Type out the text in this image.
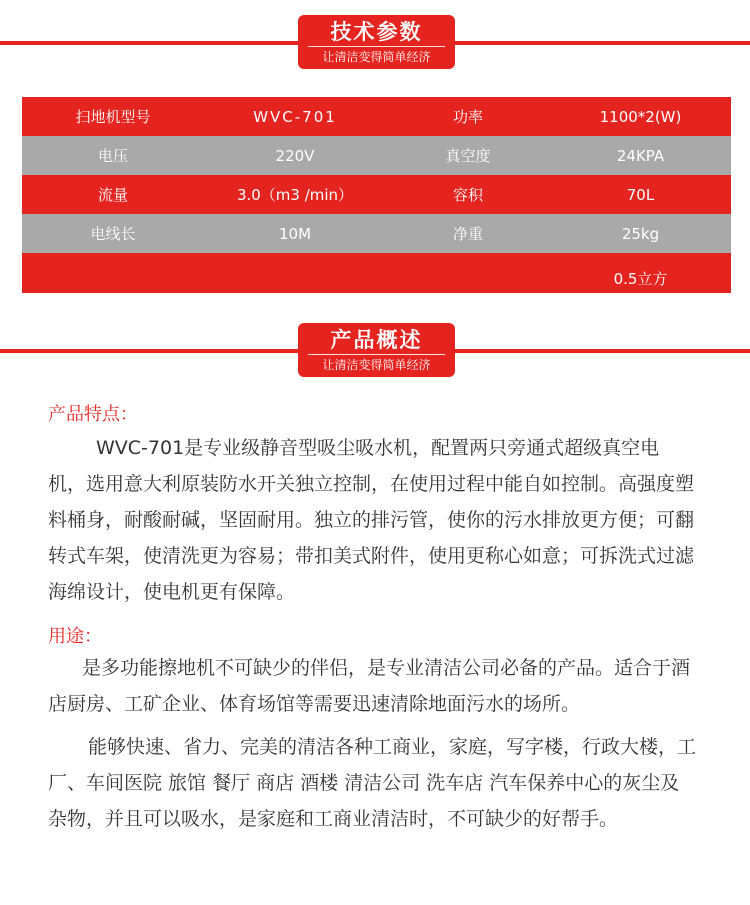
技术参数
让清洁变得简单经济
扫地机型号	WVC-701	功率	1100*2(W)
电压	220V	真空度	24KPA
流量	3.0（m3 /min）	容积	70L
电线长	10M	净重	25kg
			0.5立方
产品概述
让清洁变得简单经济

产品特点：

WVC-701是专业级静音型吸尘吸水机，配置两只旁通式超级真空电机，选用意大利原装防水开关独立控制，在使用过程中能自如控制。高强度塑料桶身，耐酸耐碱，坚固耐用。独立的排污管，使你的污水排放更方便；可翻转式车架，使清洗更为容易；带扣美式附件，使用更称心如意；可拆洗式过滤海绵设计，使电机更有保障。

用途：

是多功能擦地机不可缺少的伴侣，是专业清洁公司必备的产品。适合于酒店厨房、工矿企业、体育场馆等需要迅速清除地面污水的场所。

能够快速、省力、完美的清洁各种工商业，家庭，写字楼，行政大楼，工厂、车间医院 旅馆 餐厅 商店 酒楼 清洁公司 洗车店 汽车保养中心的灰尘及杂物，并且可以吸水，是家庭和工商业清洁时，不可缺少的好帮手。
